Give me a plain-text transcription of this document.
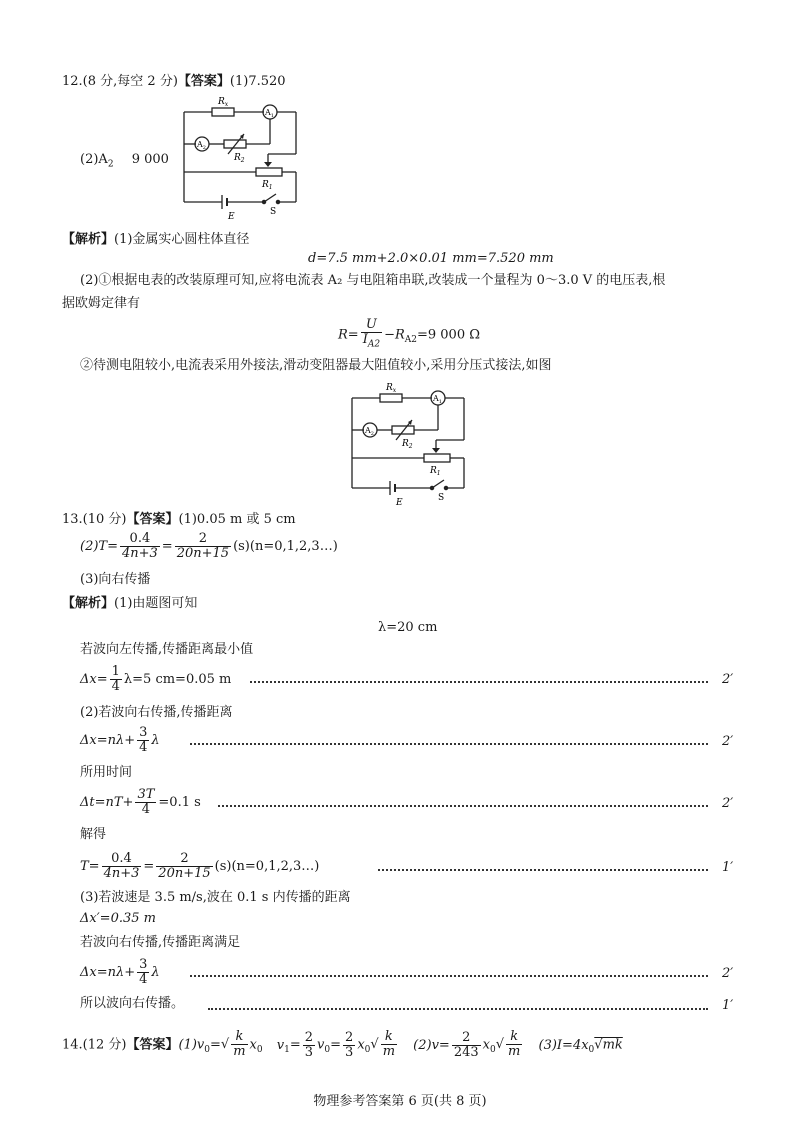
12.(8 分,每空 2 分)【答案】(1)7.520
$(2)A_2$ 9 000
$R_x$
$A_1$
$A_2$
$R_2$
$R_1$
E	S
【解析】(1)金属实心圆柱体直径
d=7.5 mm+2.0×0.01 mm=7.520 mm
(2)①根据电表的改装原理可知,应将电流表 A₂ 与电阻箱串联,改装成一个量程为 0～3.0 V 的电压表,根
据欧姆定律有
$R= \frac{U}{I_{A2}} -R_{A2}=9$ 000 Ω
②待测电阻较小,电流表采用外接法,滑动变阻器最大阻值较小,采用分压式接法,如图
$R_x$
$A_1$
$A_2$
$R_2$
$R_1$
E	S
13.(10 分)【答案】(1)0.05 m 或 5 cm
$(2)T= \frac{0.4}{4n+3} = \frac{2}{20n+15}$ (s)(n=0,1,2,3…)
(3)向右传播
【解析】(1)由题图可知
λ=20 cm
若波向左传播,传播距离最小值
$\Delta x= \frac{1}{4} \lambda=5$ cm=0.05 m	2′
(2)若波向右传播,传播距离
$\Delta x=n\lambda+ \frac{3}{4}$ λ	2′
所用时间
$\Delta t=nT+ \frac{3T}{4} =0.1$ s	2′
解得
$T= \frac{0.4}{4n+3} = \frac{2}{20n+15}$ (s)(n=0,1,2,3…)	1′
(3)若波速是 3.5 m/s,波在 0.1 s 内传播的距离
Δx′=0.35 m
若波向右传播,传播距离满足
$\Delta x=n\lambda+ \frac{3}{4}$ λ	2′
所以波向右传播。	1′
14.(12 分)【答案】$(1)v_0=√ \frac{k}{m} x_0$ $v_1= \frac{2}{3} v_0= \frac{2}{3} x_0√ \frac{k}{m} (2)v= \frac{2}{243} x_0√ \frac{k}{m} (3)I=4x_0√mk$
物理参考答案第 6 页(共 8 页)
